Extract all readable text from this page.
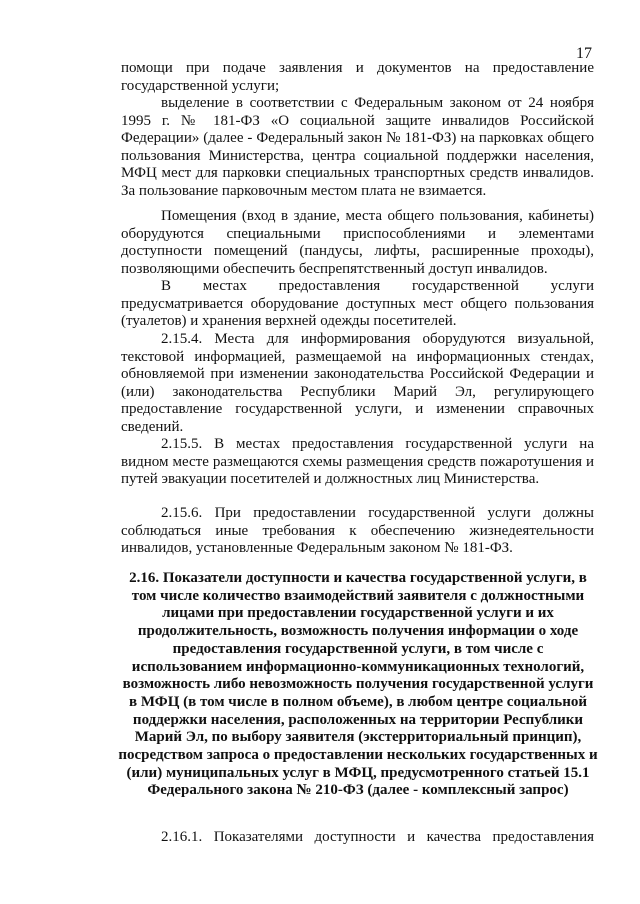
17

помощи при подаче заявления и документов на предоставление государственной услуги;

выделение в соответствии с Федеральным законом от 24 ноября 1995 г. № 181-ФЗ «О социальной защите инвалидов Российской Федерации» (далее - Федеральный закон № 181-ФЗ) на парковках общего пользования Министерства, центра социальной поддержки населения, МФЦ мест для парковки специальных транспортных средств инвалидов. За пользование парковочным местом плата не взимается.

Помещения (вход в здание, места общего пользования, кабинеты) оборудуются специальными приспособлениями и элементами доступности помещений (пандусы, лифты, расширенные проходы), позволяющими обеспечить беспрепятственный доступ инвалидов.

В местах предоставления государственной услуги предусматривается оборудование доступных мест общего пользования (туалетов) и хранения верхней одежды посетителей.

2.15.4. Места для информирования оборудуются визуальной, текстовой информацией, размещаемой на информационных стендах, обновляемой при изменении законодательства Российской Федерации и (или) законодательства Республики Марий Эл, регулирующего предоставление государственной услуги, и изменении справочных сведений.

2.15.5. В местах предоставления государственной услуги на видном месте размещаются схемы размещения средств пожаротушения и путей эвакуации посетителей и должностных лиц Министерства.

2.15.6. При предоставлении государственной услуги должны соблюдаться иные требования к обеспечению жизнедеятельности инвалидов, установленные Федеральным законом № 181-ФЗ.

2.16. Показатели доступности и качества государственной услуги, в том числе количество взаимодействий заявителя с должностными лицами при предоставлении государственной услуги и их продолжительность, возможность получения информации о ходе предоставления государственной услуги, в том числе с использованием информационно-коммуникационных технологий, возможность либо невозможность получения государственной услуги в МФЦ (в том числе в полном объеме), в любом центре социальной поддержки населения, расположенных на территории Республики Марий Эл, по выбору заявителя (экстерриториальный принцип), посредством запроса о предоставлении нескольких государственных и (или) муниципальных услуг в МФЦ, предусмотренного статьей 15.1 Федерального закона № 210-ФЗ (далее - комплексный запрос)

2.16.1. Показателями доступности и качества предоставления
